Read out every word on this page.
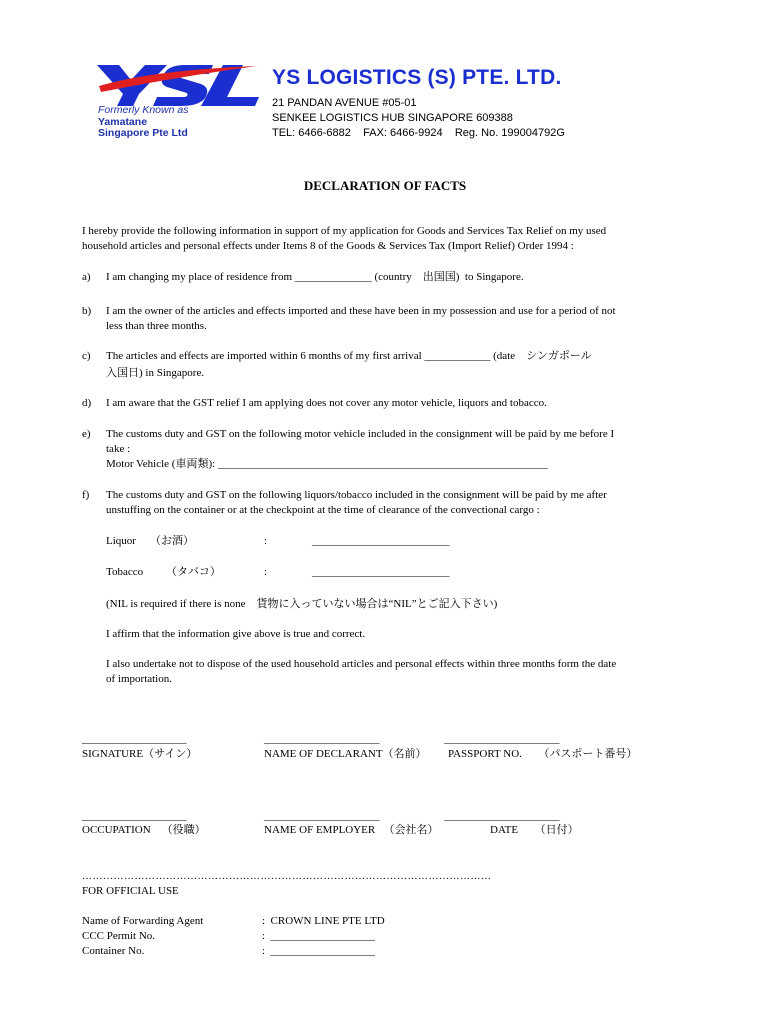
Formerly Known as
Yamatane
Singapore Pte Ltd
YS LOGISTICS (S) PTE. LTD.
21 PANDAN AVENUE #05-01
SENKEE LOGISTICS HUB SINGAPORE 609388
TEL: 6466-6882    FAX: 6466-9924    Reg. No. 199004792G
DECLARATION OF FACTS
I hereby provide the following information in support of my application for Goods and Services Tax Relief on my used
household articles and personal effects under Items 8 of the Goods & Services Tax (Import Relief) Order 1994 :
a) I am changing my place of residence from ______________ (country    出国国)  to Singapore.
b) I am the owner of the articles and effects imported and these have been in my possession and use for a period of not
less than three months.
c) The articles and effects are imported within 6 months of my first arrival ____________ (date    シンガポール
入国日) in Singapore.
d) I am aware that the GST relief I am applying does not cover any motor vehicle, liquors and tobacco.
e) The customs duty and GST on the following motor vehicle included in the consignment will be paid by me before I
take :
Motor Vehicle (車両類): ____________________________________________________________
f) The customs duty and GST on the following liquors/tobacco included in the consignment will be paid by me after
unstuffing on the container or at the checkpoint at the time of clearance of the convectional cargo :
Liquor （お酒）	:	_________________________
Tobacco （タバコ）	:	_________________________
(NIL is required if there is none    貨物に入っていない場合は“NIL”とご記入下さい)
I affirm that the information give above is true and correct.
I also undertake not to dispose of the used household articles and personal effects within three months form the date
of importation.
___________________	_____________________	_____________________
SIGNATURE（サイン）	NAME OF DECLARANT（名前） PASSPORT NO.      （パスポート番号）
___________________	_____________________	_____________________
OCCUPATION    （役職）	NAME OF EMPLOYER   （会社名）	DATE      （日付）
………………………………………………………………………………………………………
FOR OFFICIAL USE
Name of Forwarding Agent	:  CROWN LINE PTE LTD
CCC Permit No.	:  ___________________
Container No.	:  ___________________
